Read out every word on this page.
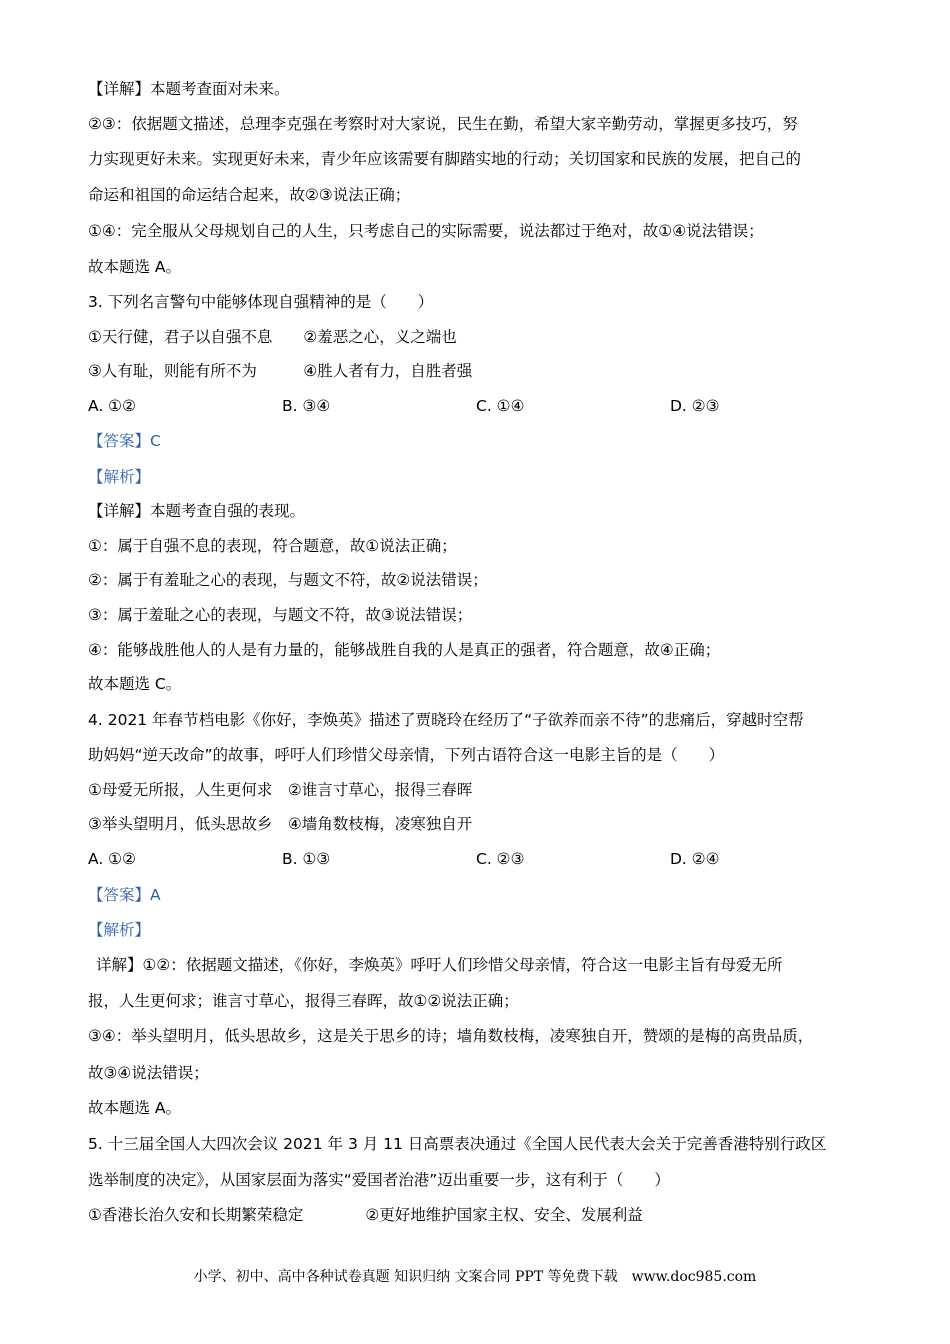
【详解】本题考查面对未来。
②③：依据题文描述，总理李克强在考察时对大家说，民生在勤，希望大家辛勤劳动，掌握更多技巧，努
力实现更好未来。实现更好未来，青少年应该需要有脚踏实地的行动；关切国家和民族的发展，把自己的
命运和祖国的命运结合起来，故②③说法正确；
①④：完全服从父母规划自己的人生，只考虑自己的实际需要，说法都过于绝对，故①④说法错误；
故本题选 A。
3. 下列名言警句中能够体现自强精神的是（　　）
①天行健，君子以自强不息　　②羞恶之心，义之端也
③人有耻，则能有所不为　　　④胜人者有力，自胜者强
A. ①②	B. ③④	C. ①④	D. ②③
【答案】C
【解析】
【详解】本题考查自强的表现。
①：属于自强不息的表现，符合题意，故①说法正确；
②：属于有羞耻之心的表现，与题文不符，故②说法错误；
③：属于羞耻之心的表现，与题文不符，故③说法错误；
④：能够战胜他人的人是有力量的，能够战胜自我的人是真正的强者，符合题意，故④正确；
故本题选 C。
4. 2021 年春节档电影《你好，李焕英》描述了贾晓玲在经历了“子欲养而亲不待”的悲痛后，穿越时空帮
助妈妈“逆天改命”的故事，呼吁人们珍惜父母亲情，下列古语符合这一电影主旨的是（　　）
①母爱无所报，人生更何求　②谁言寸草心，报得三春晖
③举头望明月，低头思故乡　④墙角数枝梅，凌寒独自开
A. ①②	B. ①③	C. ②③	D. ②④
【答案】A
【解析】
详解】①②：依据题文描述，《你好，李焕英》呼吁人们珍惜父母亲情，符合这一电影主旨有母爱无所
报，人生更何求；谁言寸草心，报得三春晖，故①②说法正确；
③④：举头望明月，低头思故乡，这是关于思乡的诗；墙角数枝梅，凌寒独自开，赞颂的是梅的高贵品质，
故③④说法错误；
故本题选 A。
5. 十三届全国人大四次会议 2021 年 3 月 11 日高票表决通过《全国人民代表大会关于完善香港特别行政区
选举制度的决定》，从国家层面为落实“爱国者治港”迈出重要一步，这有利于（　　）
①香港长治久安和长期繁荣稳定　　　　②更好地维护国家主权、安全、发展利益
小学、初中、高中各种试卷真题 知识归纳 文案合同 PPT 等免费下载　www.doc985.com
